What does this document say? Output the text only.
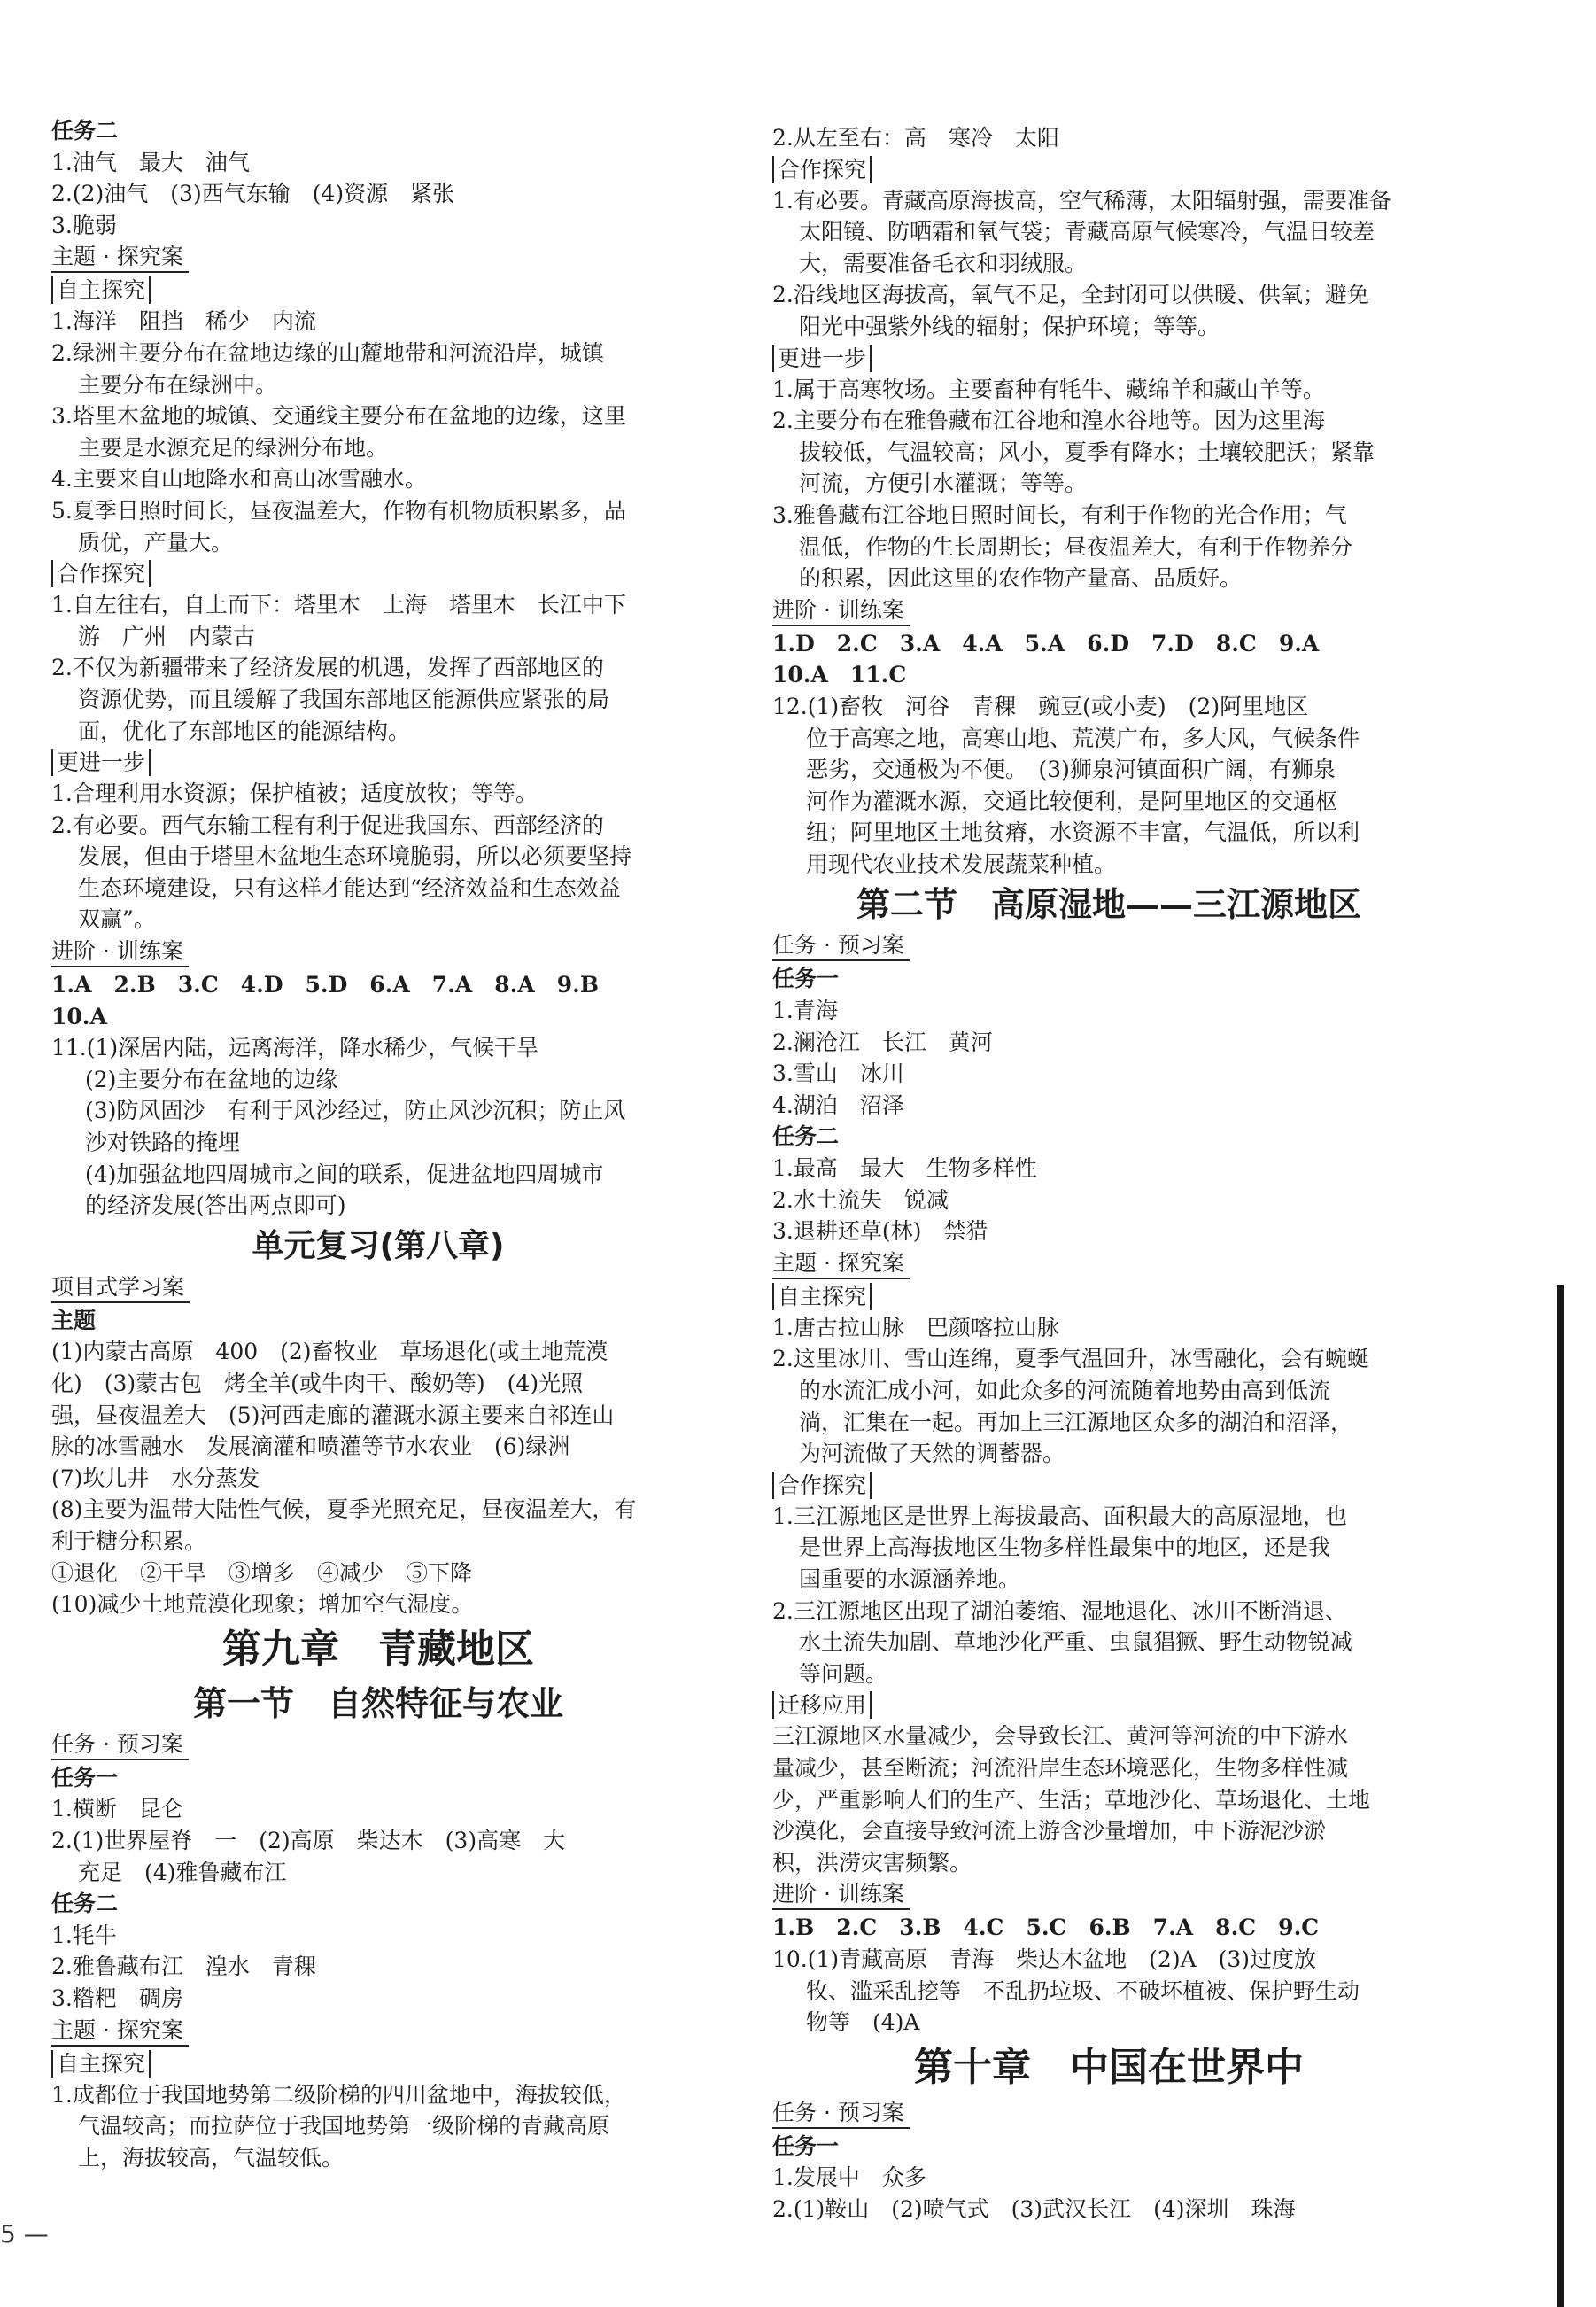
任务二
1.油气　最大　油气
2.(2)油气　(3)西气东输　(4)资源　紧张
3.脆弱
主题 · 探究案
自主探究
1.海洋　阻挡　稀少　内流
2.绿洲主要分布在盆地边缘的山麓地带和河流沿岸，城镇
主要分布在绿洲中。
3.塔里木盆地的城镇、交通线主要分布在盆地的边缘，这里
主要是水源充足的绿洲分布地。
4.主要来自山地降水和高山冰雪融水。
5.夏季日照时间长，昼夜温差大，作物有机物质积累多，品
质优，产量大。
合作探究
1.自左往右，自上而下：塔里木　上海　塔里木　长江中下
游　广州　内蒙古
2.不仅为新疆带来了经济发展的机遇，发挥了西部地区的
资源优势，而且缓解了我国东部地区能源供应紧张的局
面，优化了东部地区的能源结构。
更进一步
1.合理利用水资源；保护植被；适度放牧；等等。
2.有必要。西气东输工程有利于促进我国东、西部经济的
发展，但由于塔里木盆地生态环境脆弱，所以必须要坚持
生态环境建设，只有这样才能达到“经济效益和生态效益
双赢”。
进阶 · 训练案
1.A　2.B　3.C　4.D　5.D　6.A　7.A　8.A　9.B
10.A
11.(1)深居内陆，远离海洋，降水稀少，气候干旱
(2)主要分布在盆地的边缘
(3)防风固沙　有利于风沙经过，防止风沙沉积；防止风
沙对铁路的掩埋
(4)加强盆地四周城市之间的联系，促进盆地四周城市
的经济发展(答出两点即可)
单元复习(第八章)
项目式学习案
主题
(1)内蒙古高原　400　(2)畜牧业　草场退化(或土地荒漠
化)　(3)蒙古包　烤全羊(或牛肉干、酸奶等)　(4)光照
强，昼夜温差大　(5)河西走廊的灌溉水源主要来自祁连山
脉的冰雪融水　发展滴灌和喷灌等节水农业　(6)绿洲
(7)坎儿井　水分蒸发
(8)主要为温带大陆性气候，夏季光照充足，昼夜温差大，有
利于糖分积累。
①退化　②干旱　③增多　④减少　⑤下降
(10)减少土地荒漠化现象；增加空气湿度。
第九章　青藏地区
第一节　自然特征与农业
任务 · 预习案
任务一
1.横断　昆仑
2.(1)世界屋脊　一　(2)高原　柴达木　(3)高寒　大
充足　(4)雅鲁藏布江
任务二
1.牦牛
2.雅鲁藏布江　湟水　青稞
3.糌粑　碉房
主题 · 探究案
自主探究
1.成都位于我国地势第二级阶梯的四川盆地中，海拔较低，
气温较高；而拉萨位于我国地势第一级阶梯的青藏高原
上，海拔较高，气温较低。
2.从左至右：高　寒冷　太阳
合作探究
1.有必要。青藏高原海拔高，空气稀薄，太阳辐射强，需要准备
太阳镜、防晒霜和氧气袋；青藏高原气候寒冷，气温日较差
大，需要准备毛衣和羽绒服。
2.沿线地区海拔高，氧气不足，全封闭可以供暖、供氧；避免
阳光中强紫外线的辐射；保护环境；等等。
更进一步
1.属于高寒牧场。主要畜种有牦牛、藏绵羊和藏山羊等。
2.主要分布在雅鲁藏布江谷地和湟水谷地等。因为这里海
拔较低，气温较高；风小，夏季有降水；土壤较肥沃；紧靠
河流，方便引水灌溉；等等。
3.雅鲁藏布江谷地日照时间长，有利于作物的光合作用；气
温低，作物的生长周期长；昼夜温差大，有利于作物养分
的积累，因此这里的农作物产量高、品质好。
进阶 · 训练案
1.D　2.C　3.A　4.A　5.A　6.D　7.D　8.C　9.A
10.A　11.C
12.(1)畜牧　河谷　青稞　豌豆(或小麦)　(2)阿里地区
位于高寒之地，高寒山地、荒漠广布，多大风，气候条件
恶劣，交通极为不便。　(3)狮泉河镇面积广阔，有狮泉
河作为灌溉水源，交通比较便利，是阿里地区的交通枢
纽；阿里地区土地贫瘠，水资源不丰富，气温低，所以利
用现代农业技术发展蔬菜种植。
第二节　高原湿地——三江源地区
任务 · 预习案
任务一
1.青海
2.澜沧江　长江　黄河
3.雪山　冰川
4.湖泊　沼泽
任务二
1.最高　最大　生物多样性
2.水土流失　锐减
3.退耕还草(林)　禁猎
主题 · 探究案
自主探究
1.唐古拉山脉　巴颜喀拉山脉
2.这里冰川、雪山连绵，夏季气温回升，冰雪融化，会有蜿蜒
的水流汇成小河，如此众多的河流随着地势由高到低流
淌，汇集在一起。再加上三江源地区众多的湖泊和沼泽，
为河流做了天然的调蓄器。
合作探究
1.三江源地区是世界上海拔最高、面积最大的高原湿地，也
是世界上高海拔地区生物多样性最集中的地区，还是我
国重要的水源涵养地。
2.三江源地区出现了湖泊萎缩、湿地退化、冰川不断消退、
水土流失加剧、草地沙化严重、虫鼠猖獗、野生动物锐减
等问题。
迁移应用
三江源地区水量减少，会导致长江、黄河等河流的中下游水
量减少，甚至断流；河流沿岸生态环境恶化，生物多样性减
少，严重影响人们的生产、生活；草地沙化、草场退化、土地
沙漠化，会直接导致河流上游含沙量增加，中下游泥沙淤
积，洪涝灾害频繁。
进阶 · 训练案
1.B　2.C　3.B　4.C　5.C　6.B　7.A　8.C　9.C
10.(1)青藏高原　青海　柴达木盆地　(2)A　(3)过度放
牧、滥采乱挖等　不乱扔垃圾、不破坏植被、保护野生动
物等　(4)A
第十章　中国在世界中
任务 · 预习案
任务一
1.发展中　众多
2.(1)鞍山　(2)喷气式　(3)武汉长江　(4)深圳　珠海
5 —
